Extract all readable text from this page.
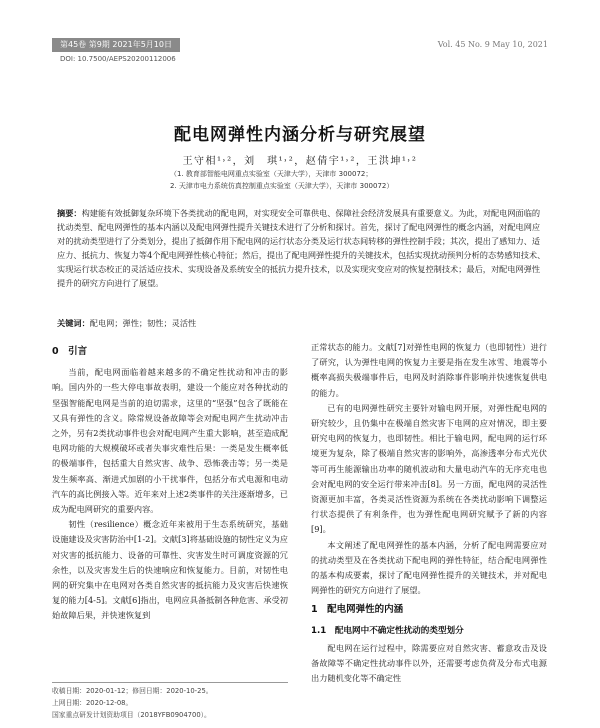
第45卷 第9期 2021年5月10日	Vol. 45 No. 9 May 10, 2021
DOI: 10.7500/AEPS20200112006
配电网弹性内涵分析与研究展望
王守相¹˒²，刘　琪¹˒²，赵倩宇¹˒²，王洪坤¹˒²
（1. 教育部智能电网重点实验室（天津大学），天津市 300072；
2. 天津市电力系统仿真控制重点实验室（天津大学），天津市 300072）
摘要：构建能有效抵御复杂环境下各类扰动的配电网，对实现安全可靠供电、保障社会经济发展具有重要意义。为此，对配电网面临的扰动类型、配电网弹性的基本内涵以及配电网弹性提升关键技术进行了分析和探讨。首先，探讨了配电网弹性的概念内涵，对配电网应对的扰动类型进行了分类划分，提出了抵御作用下配电网的运行状态分类及运行状态间转移的弹性控制手段；其次，提出了感知力、适应力、抵抗力、恢复力等4个配电网弹性核心特征；然后，提出了配电网弹性提升的关键技术，包括实现扰动预判分析的态势感知技术、实现运行状态校正的灵活适应技术、实现设备及系统安全的抵抗力提升技术，以及实现灾变应对的恢复控制技术；最后，对配电网弹性提升的研究方向进行了展望。
关键词：配电网；弹性；韧性；灵活性
0　引言

当前，配电网面临着越来越多的不确定性扰动和冲击的影响。国内外的一些大停电事故表明，建设一个能应对各种扰动的坚强智能配电网是当前的迫切需求，这里的“坚强”包含了既能在又具有弹性的含义。除常规设备故障等会对配电网产生扰动冲击之外，另有2类扰动事件也会对配电网产生重大影响，甚至造成配电网功能的大规模破坏或者失事灾难性后果：一类是发生概率低的极端事件，包括重大自然灾害、战争、恐怖袭击等；另一类是发生频率高、渐进式加剧的小干扰事件，包括分布式电源和电动汽车的高比例接入等。近年来对上述2类事件的关注逐渐增多，已成为配电网研究的重要内容。

韧性（resilience）概念近年来被用于生态系统研究，基础设施建设及灾害防治中[1-2]。文献[3]将基础设施的韧性定义为应对灾害的抵抗能力、设备的可靠性、灾害发生时可调度资源的冗余性，以及灾害发生后的快速响应和恢复能力。目前，对韧性电网的研究集中在电网对各类自然灾害的抵抗能力及灾害后快速恢复的能力[4-5]。文献[6]指出，电网应具备抵制各种危害、承受初始故障后果，并快速恢复到

正常状态的能力。文献[7]对弹性电网的恢复力（也即韧性）进行了研究，认为弹性电网的恢复力主要是指在发生冰雪、地震等小概率高损失极端事件后，电网及时消除事件影响并快速恢复供电的能力。

已有的电网弹性研究主要针对输电网开展，对弹性配电网的研究较少，且仍集中在极端自然灾害下电网的应对情况，即主要研究电网的恢复力，也即韧性。相比于输电网，配电网的运行环境更为复杂，除了极端自然灾害的影响外，高渗透率分布式光伏等可再生能源输出功率的随机波动和大量电动汽车的无序充电也会对配电网的安全运行带来冲击[8]。另一方面，配电网的灵活性资源更加丰富，各类灵活性资源为系统在各类扰动影响下调整运行状态提供了有利条件，也为弹性配电网研究赋予了新的内容[9]。

本文阐述了配电网弹性的基本内涵，分析了配电网需要应对的扰动类型及在各类扰动下配电网的弹性特征，结合配电网弹性的基本构成要素，探讨了配电网弹性提升的关键技术，并对配电网弹性的研究方向进行了展望。

1　配电网弹性的内涵
1.1　配电网中不确定性扰动的类型划分

配电网在运行过程中，除需要应对自然灾害、蓄意攻击及设备故障等不确定性扰动事件以外，还需要考虑负荷及分布式电源出力随机变化等不确定性

收稿日期：2020-01-12；修回日期：2020-10-25。
上网日期：2020-12-08。
国家重点研发计划资助项目（2018YFB0904700）。
